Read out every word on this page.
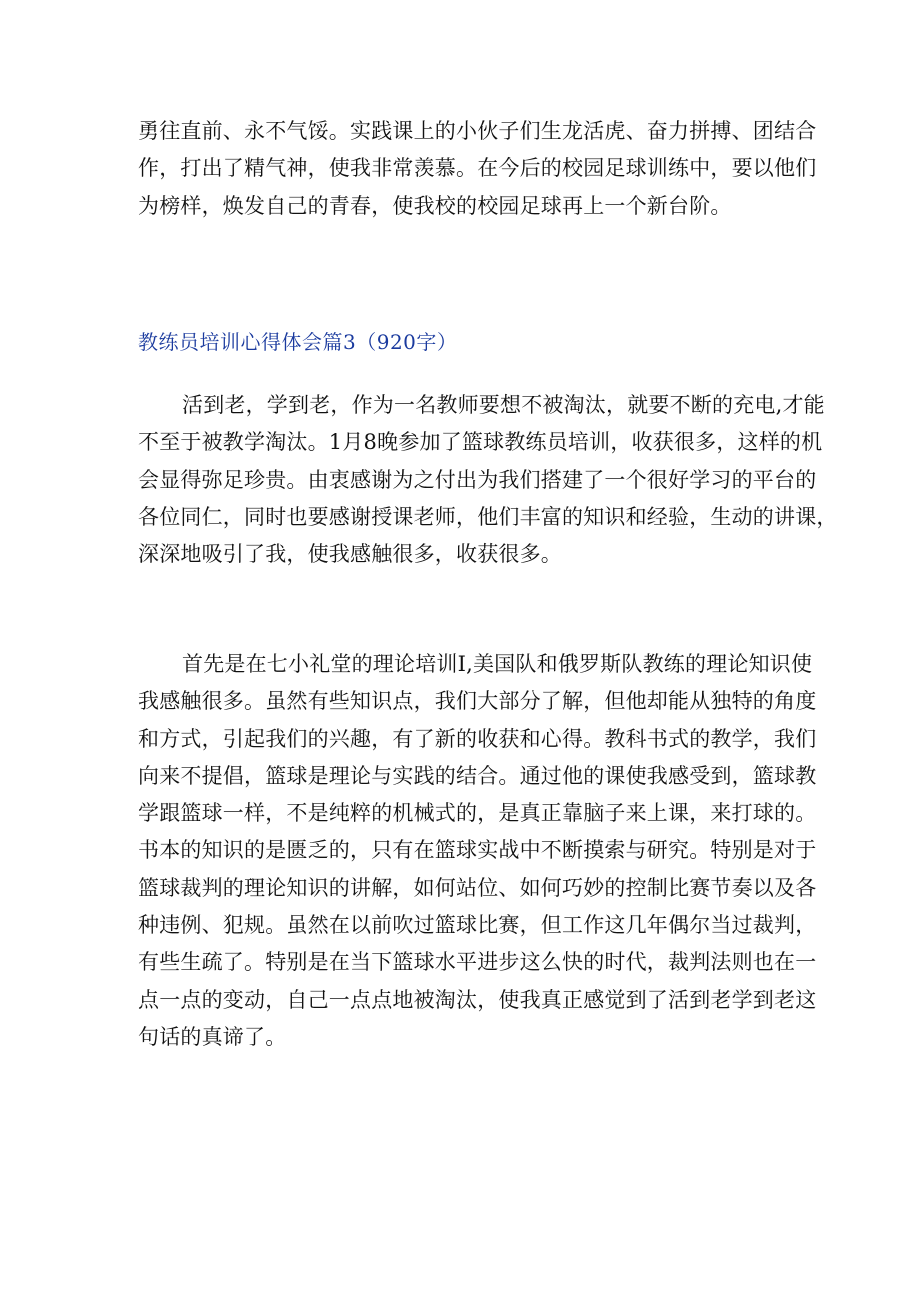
勇往直前、永不气馁。实践课上的小伙子们生龙活虎、奋力拼搏、团结合
作，打出了精气神，使我非常羡慕。在今后的校园足球训练中，要以他们
为榜样，焕发自己的青春，使我校的校园足球再上一个新台阶。
教练员培训心得体会篇3（920字）
活到老，学到老，作为一名教师要想不被淘汰，就要不断的充电,才能
不至于被教学淘汰。1月8晚参加了篮球教练员培训，收获很多，这样的机
会显得弥足珍贵。由衷感谢为之付出为我们搭建了一个很好学习的平台的
各位同仁，同时也要感谢授课老师，他们丰富的知识和经验，生动的讲课，
深深地吸引了我，使我感触很多，收获很多。
首先是在七小礼堂的理论培训I,美国队和俄罗斯队教练的理论知识使
我感触很多。虽然有些知识点，我们大部分了解，但他却能从独特的角度
和方式，引起我们的兴趣，有了新的收获和心得。教科书式的教学，我们
向来不提倡，篮球是理论与实践的结合。通过他的课使我感受到，篮球教
学跟篮球一样，不是纯粹的机械式的，是真正靠脑子来上课，来打球的。
书本的知识的是匮乏的，只有在篮球实战中不断摸索与研究。特别是对于
篮球裁判的理论知识的讲解，如何站位、如何巧妙的控制比赛节奏以及各
种违例、犯规。虽然在以前吹过篮球比赛，但工作这几年偶尔当过裁判，
有些生疏了。特别是在当下篮球水平进步这么快的时代，裁判法则也在一
点一点的变动，自己一点点地被淘汰，使我真正感觉到了活到老学到老这
句话的真谛了。
